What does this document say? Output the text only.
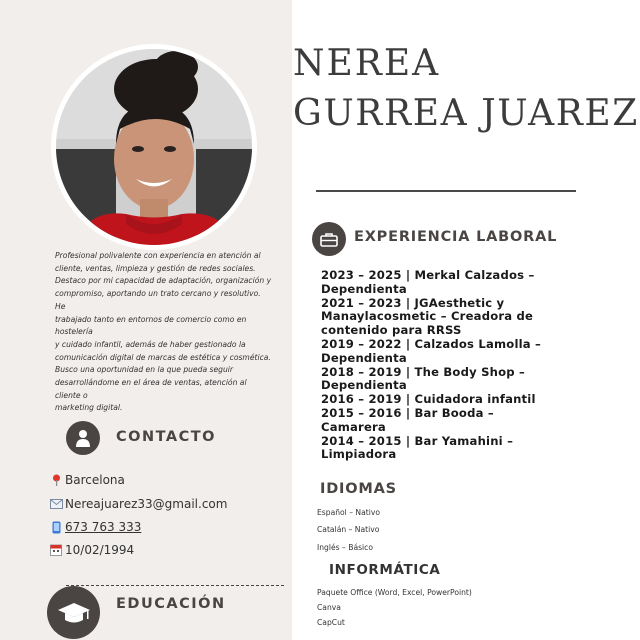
Profesional polivalente con experiencia en atención al
cliente, ventas, limpieza y gestión de redes sociales.
Destaco por mi capacidad de adaptación, organización y
compromiso, aportando un trato cercano y resolutivo. He
trabajado tanto en entornos de comercio como en hostelería
y cuidado infantil, además de haber gestionado la
comunicación digital de marcas de estética y cosmética.
Busco una oportunidad en la que pueda seguir
desarrollándome en el área de ventas, atención al cliente o
marketing digital.
CONTACTO
Barcelona
Nereajuarez33@gmail.com
673 763 333
10/02/1994
EDUCACIÓN
NEREA
GURREA JUAREZ
EXPERIENCIA LABORAL
2023 – 2025 | Merkal Calzados –
Dependienta
2021 – 2023 | JGAesthetic y
Manaylacosmetic – Creadora de
contenido para RRSS
2019 – 2022 | Calzados Lamolla –
Dependienta
2018 – 2019 | The Body Shop –
Dependienta
2016 – 2019 | Cuidadora infantil
2015 – 2016 | Bar Booda – Camarera
2014 – 2015 | Bar Yamahini – Limpiadora
IDIOMAS
Español – Nativo
Catalán – Nativo
Inglés – Básico
INFORMÁTICA
Paquete Office (Word, Excel, PowerPoint)
Canva
CapCut
